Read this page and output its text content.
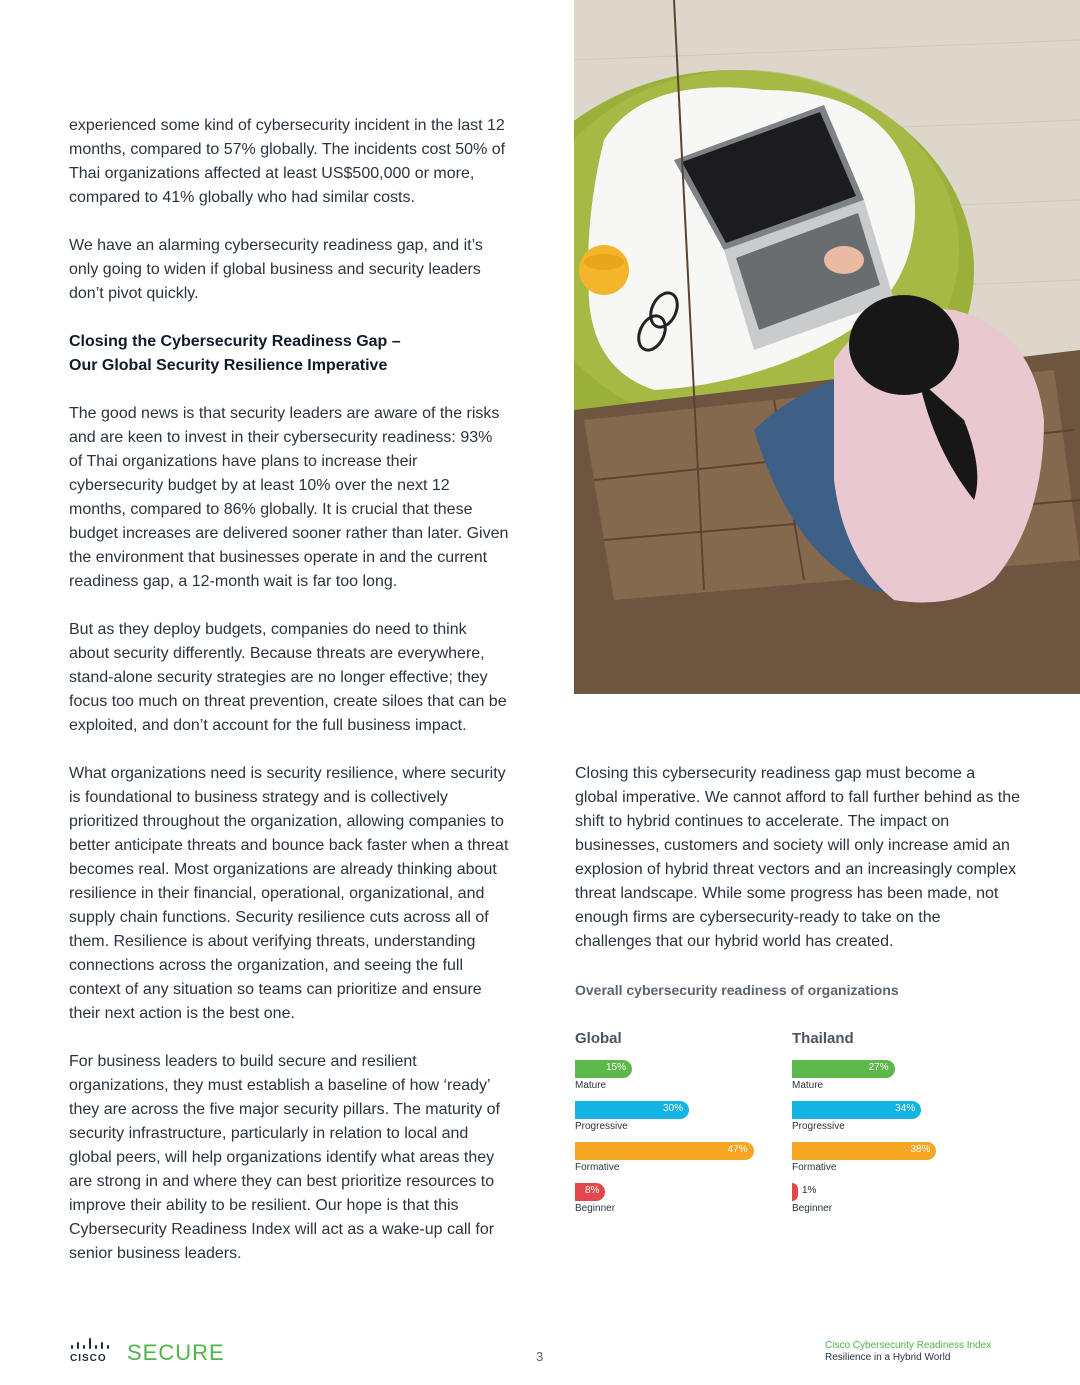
experienced some kind of cybersecurity incident in the last 12 months, compared to 57% globally. The incidents cost 50% of Thai organizations affected at least US$500,000 or more, compared to 41% globally who had similar costs.

We have an alarming cybersecurity readiness gap, and it’s only going to widen if global business and security leaders don’t pivot quickly.

Closing the Cybersecurity Readiness Gap –
Our Global Security Resilience Imperative

The good news is that security leaders are aware of the risks and are keen to invest in their cybersecurity readiness: 93% of Thai organizations have plans to increase their cybersecurity budget by at least 10% over the next 12 months, compared to 86% globally. It is crucial that these budget increases are delivered sooner rather than later. Given the environment that businesses operate in and the current readiness gap, a 12-month wait is far too long.

But as they deploy budgets, companies do need to think about security differently. Because threats are everywhere, stand-alone security strategies are no longer effective; they focus too much on threat prevention, create siloes that can be exploited, and don’t account for the full business impact.

What organizations need is security resilience, where security is foundational to business strategy and is collectively prioritized throughout the organization, allowing companies to better anticipate threats and bounce back faster when a threat becomes real. Most organizations are already thinking about resilience in their financial, operational, organizational, and supply chain functions. Security resilience cuts across all of them. Resilience is about verifying threats, understanding connections across the organization, and seeing the full context of any situation so teams can prioritize and ensure their next action is the best one.

For business leaders to build secure and resilient organizations, they must establish a baseline of how ‘ready’ they are across the five major security pillars. The maturity of security infrastructure, particularly in relation to local and global peers, will help organizations identify what areas they are strong in and where they can best prioritize resources to improve their ability to be resilient. Our hope is that this Cybersecurity Readiness Index will act as a wake-up call for senior business leaders.

Closing this cybersecurity readiness gap must become a global imperative. We cannot afford to fall further behind as the shift to hybrid continues to accelerate. The impact on businesses, customers and society will only increase amid an explosion of hybrid threat vectors and an increasingly complex threat landscape. While some progress has been made, not enough firms are cybersecurity-ready to take on the challenges that our hybrid world has created.

Overall cybersecurity readiness of organizations
Global
15%
Mature
30%
Progressive
47%
Formative
8%
Beginner
Thailand
27%
Mature
34%
Progressive
38%
Formative
1%
Beginner
CISCO SECURE	3
Cisco Cybersecurity Readiness Index
Resilience in a Hybrid World
